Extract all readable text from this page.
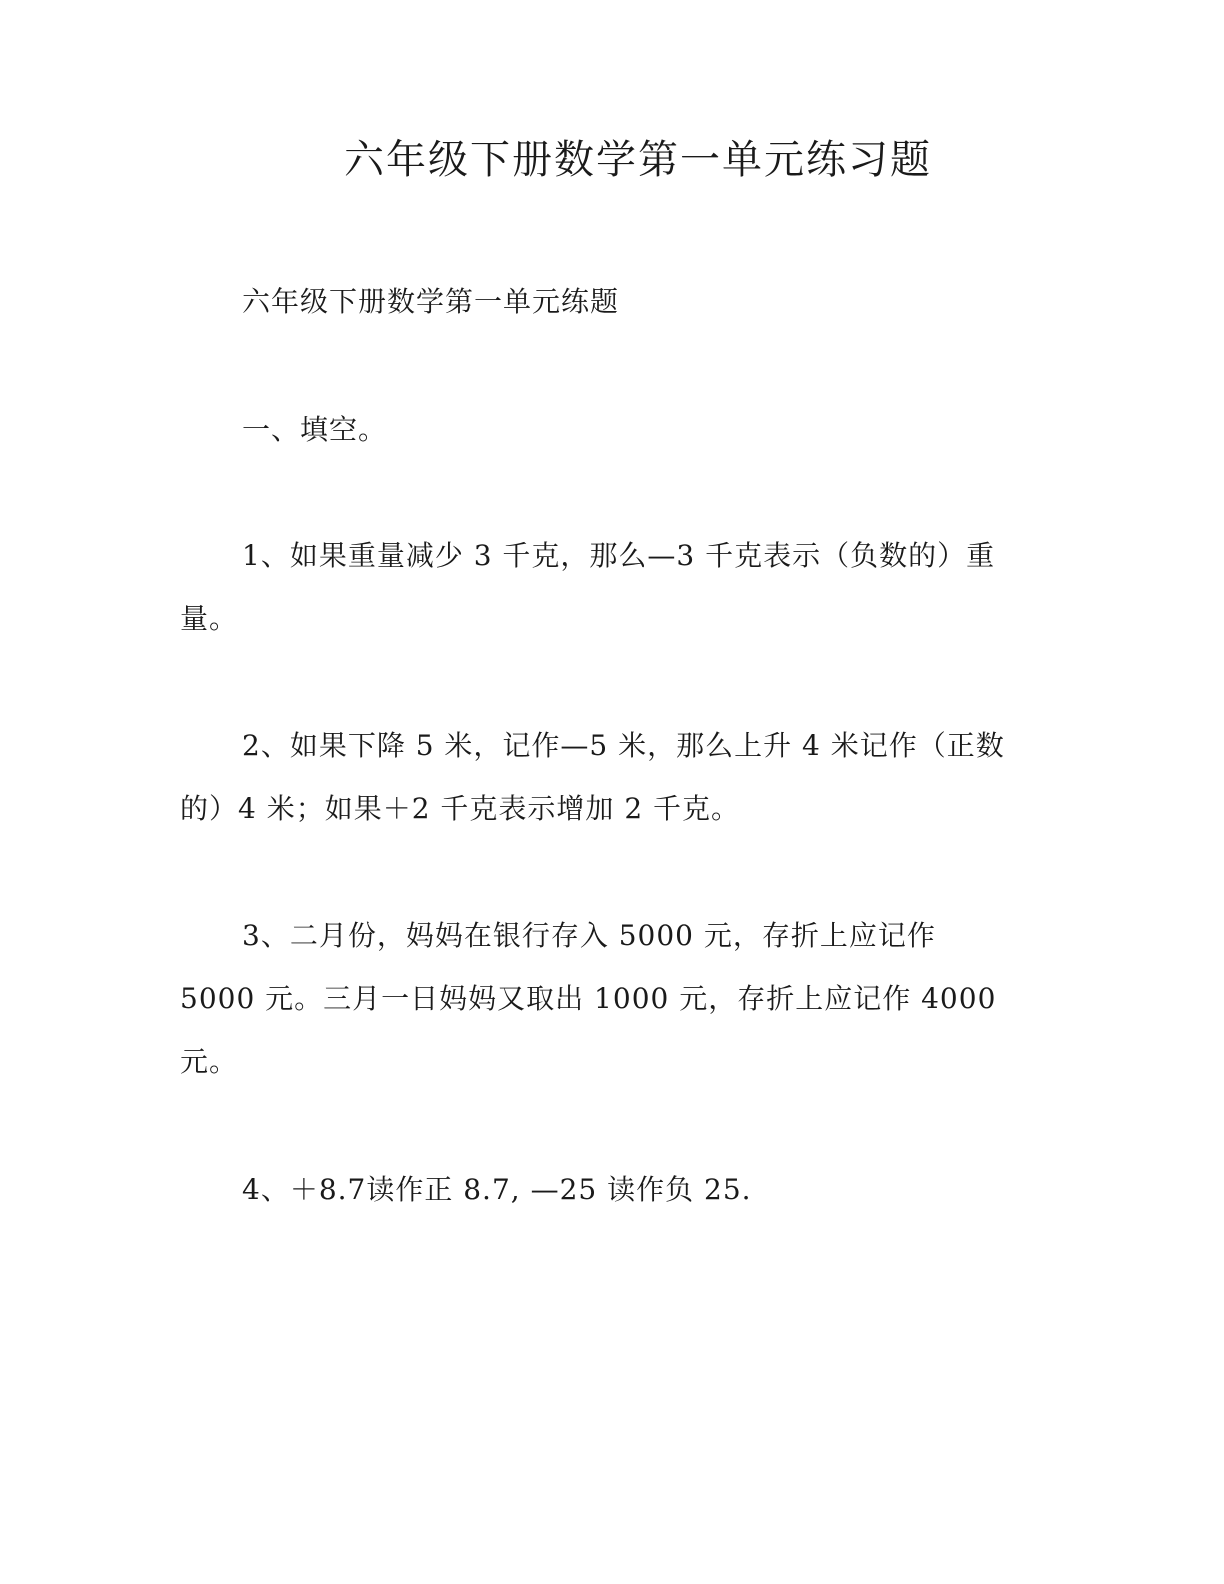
六年级下册数学第一单元练习题

六年级下册数学第一单元练题

一、填空。

1、如果重量减少 3 千克，那么—3 千克表示（负数的）重量。

2、如果下降 5 米，记作—5 米，那么上升 4 米记作（正数的）4 米；如果＋2 千克表示增加 2 千克。

3、二月份，妈妈在银行存入 5000 元，存折上应记作 5000 元。三月一日妈妈又取出 1000 元，存折上应记作 4000 元。

4、＋8.7读作正 8.7, —25 读作负 25.
